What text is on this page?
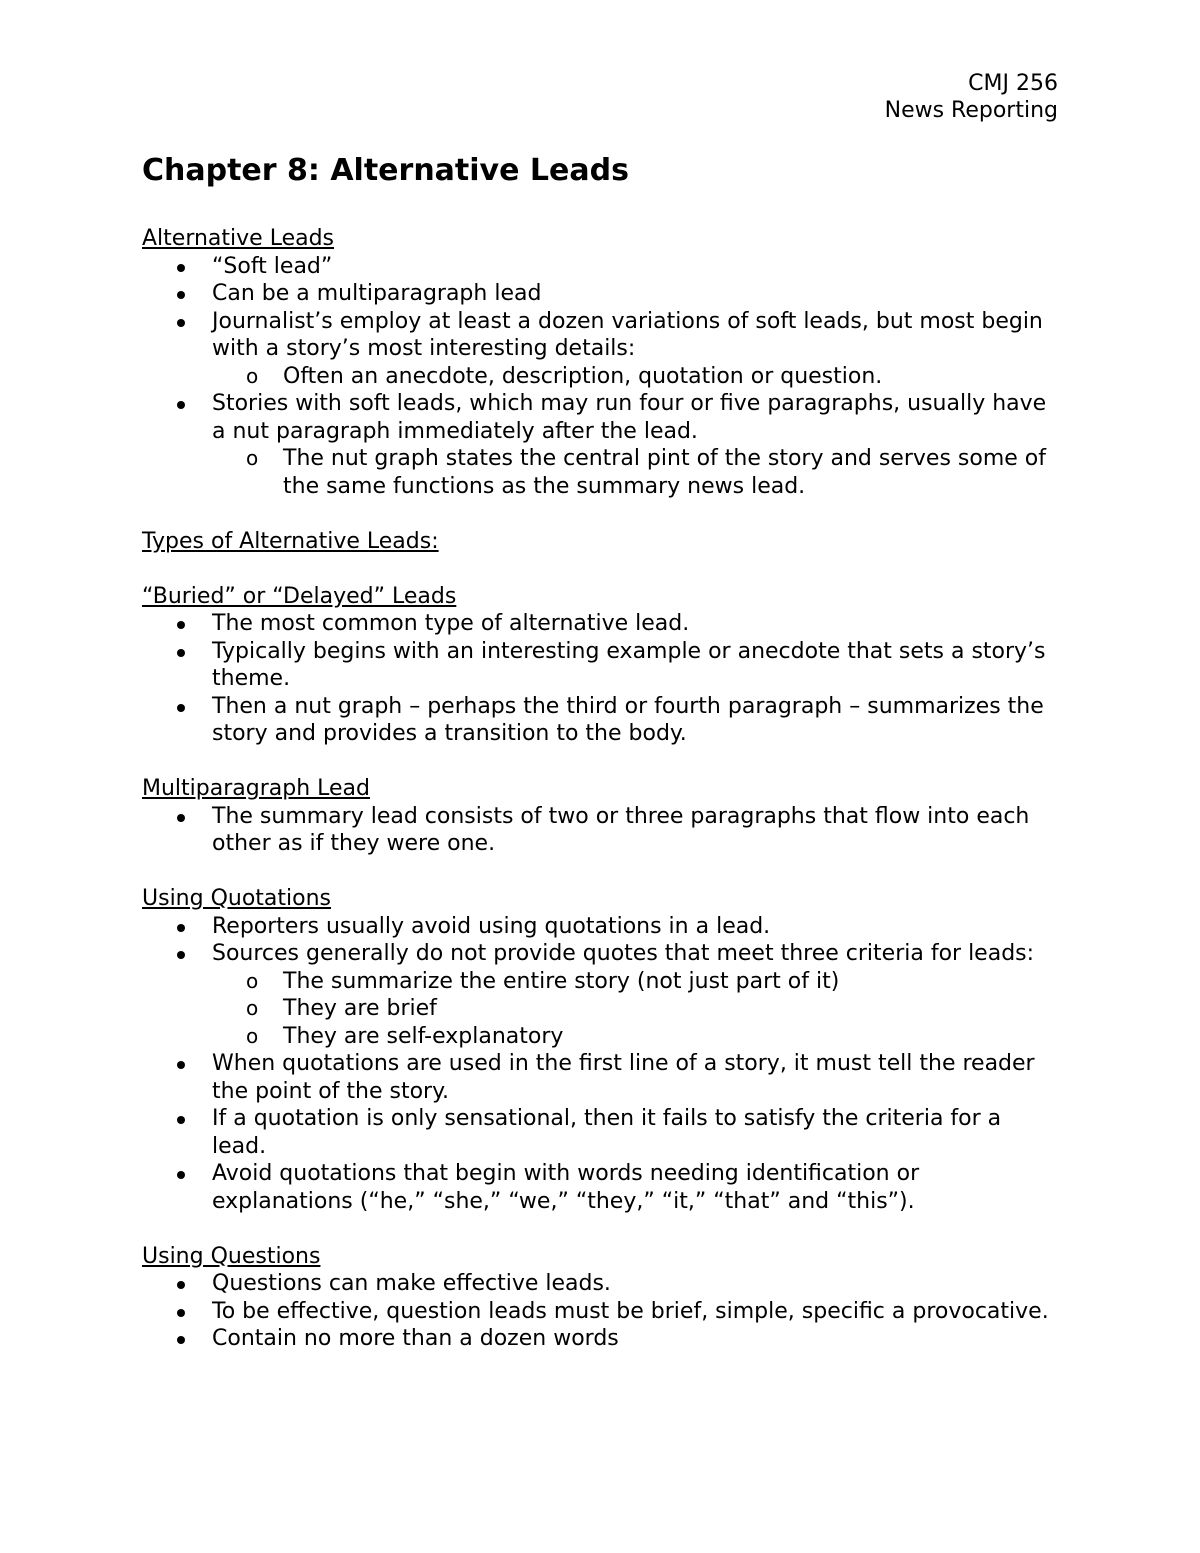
CMJ 256
News Reporting
Chapter 8: Alternative Leads
Alternative Leads
“Soft lead”
Can be a multiparagraph lead
Journalist’s employ at least a dozen variations of soft leads, but most begin with a story’s most interesting details:
o Often an anecdote, description, quotation or question.
Stories with soft leads, which may run four or five paragraphs, usually have a nut paragraph immediately after the lead.
o The nut graph states the central pint of the story and serves some of the same functions as the summary news lead.
Types of Alternative Leads:
“Buried” or “Delayed” Leads
The most common type of alternative lead.
Typically begins with an interesting example or anecdote that sets a story’s theme.
Then a nut graph – perhaps the third or fourth paragraph – summarizes the story and provides a transition to the body.
Multiparagraph Lead
The summary lead consists of two or three paragraphs that flow into each other as if they were one.
Using Quotations
Reporters usually avoid using quotations in a lead.
Sources generally do not provide quotes that meet three criteria for leads:
o The summarize the entire story (not just part of it)
o They are brief
o They are self-explanatory
When quotations are used in the first line of a story, it must tell the reader the point of the story.
If a quotation is only sensational, then it fails to satisfy the criteria for a lead.
Avoid quotations that begin with words needing identification or explanations (“he,” “she,” “we,” “they,” “it,” “that” and “this”).
Using Questions
Questions can make effective leads.
To be effective, question leads must be brief, simple, specific a provocative.
Contain no more than a dozen words
